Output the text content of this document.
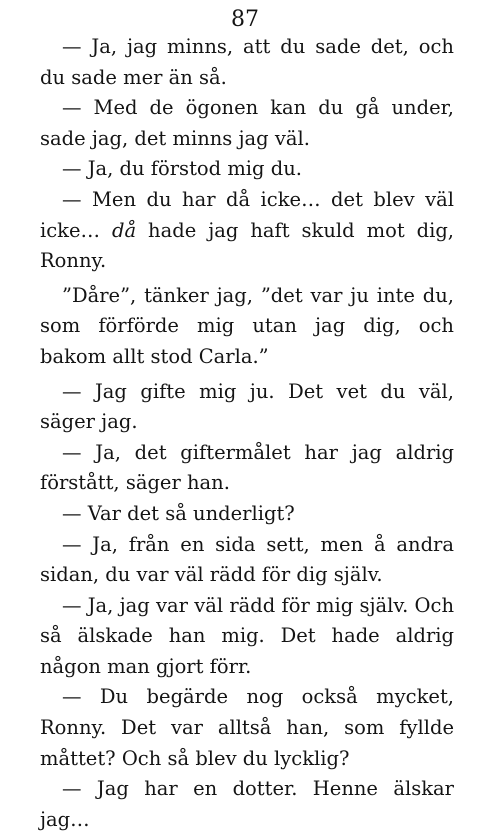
87

— Ja, jag minns, att du sade det, och du sade mer än så.

— Med de ögonen kan du gå under, sade jag, det minns jag väl.

— Ja, du förstod mig du.

— Men du har då icke… det blev väl icke… då hade jag haft skuld mot dig, Ronny.

”Dåre”, tänker jag, ”det var ju inte du, som förförde mig utan jag dig, och bakom allt stod Carla.”

— Jag gifte mig ju. Det vet du väl, säger jag.

— Ja, det giftermålet har jag aldrig förstått, säger han.

— Var det så underligt?

— Ja, från en sida sett, men å andra sidan, du var väl rädd för dig själv.

— Ja, jag var väl rädd för mig själv. Och så älskade han mig. Det hade aldrig någon man gjort förr.

— Du begärde nog också mycket, Ronny. Det var alltså han, som fyllde måttet? Och så blev du lycklig?

— Jag har en dotter. Henne älskar jag…
